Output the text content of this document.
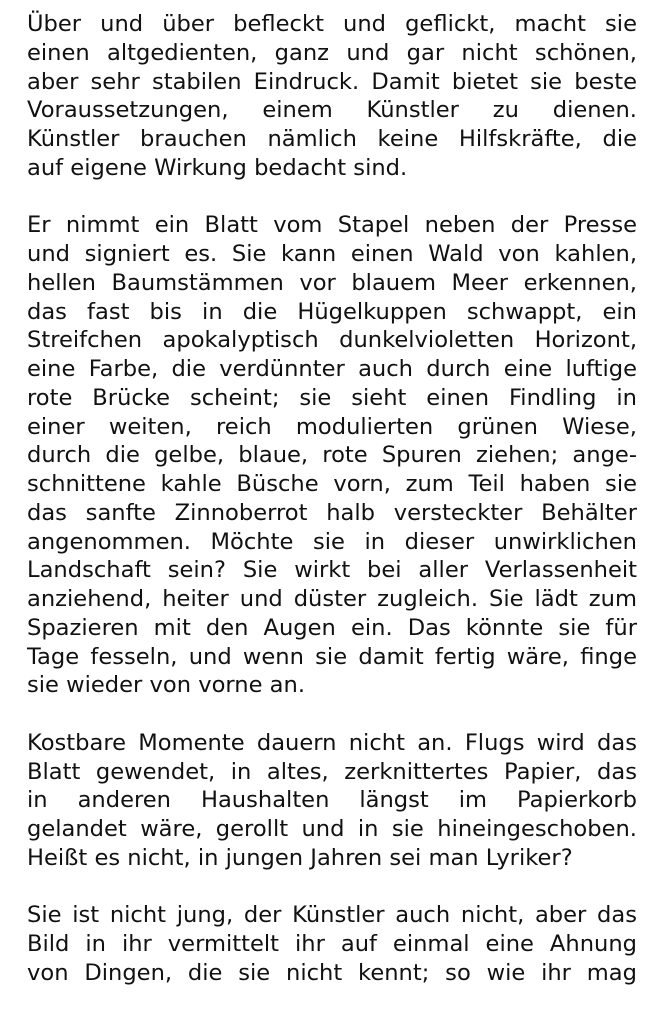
Über und über befleckt und geflickt, macht sie
einen altgedienten, ganz und gar nicht schönen,
aber sehr stabilen Eindruck. Damit bietet sie beste
Voraussetzungen, einem Künstler zu dienen.
Künstler brauchen nämlich keine Hilfskräfte, die
auf eigene Wirkung bedacht sind.
Er nimmt ein Blatt vom Stapel neben der Presse
und signiert es. Sie kann einen Wald von kahlen,
hellen Baumstämmen vor blauem Meer erkennen,
das fast bis in die Hügelkuppen schwappt, ein
Streifchen apokalyptisch dunkelvioletten Horizont,
eine Farbe, die verdünnter auch durch eine luftige
rote Brücke scheint; sie sieht einen Findling in
einer weiten, reich modulierten grünen Wiese,
durch die gelbe, blaue, rote Spuren ziehen; ange-
schnittene kahle Büsche vorn, zum Teil haben sie
das sanfte Zinnoberrot halb versteckter Behälter
angenommen. Möchte sie in dieser unwirklichen
Landschaft sein? Sie wirkt bei aller Verlassenheit
anziehend, heiter und düster zugleich. Sie lädt zum
Spazieren mit den Augen ein. Das könnte sie für
Tage fesseln, und wenn sie damit fertig wäre, finge
sie wieder von vorne an.
Kostbare Momente dauern nicht an. Flugs wird das
Blatt gewendet, in altes, zerknittertes Papier, das
in anderen Haushalten längst im Papierkorb
gelandet wäre, gerollt und in sie hineingeschoben.
Heißt es nicht, in jungen Jahren sei man Lyriker?
Sie ist nicht jung, der Künstler auch nicht, aber das
Bild in ihr vermittelt ihr auf einmal eine Ahnung
von Dingen, die sie nicht kennt; so wie ihr mag
